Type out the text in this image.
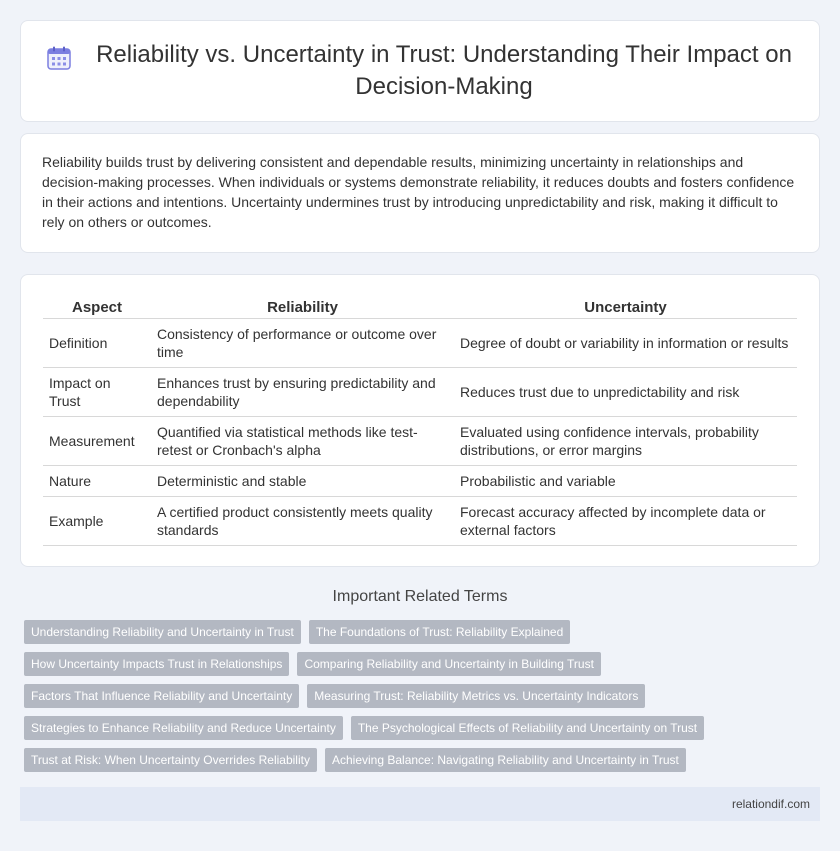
Reliability vs. Uncertainty in Trust: Understanding Their Impact on Decision-Making

Reliability builds trust by delivering consistent and dependable results, minimizing uncertainty in relationships and decision-making processes. When individuals or systems demonstrate reliability, it reduces doubts and fosters confidence in their actions and intentions. Uncertainty undermines trust by introducing unpredictability and risk, making it difficult to rely on others or outcomes.

Aspect	Reliability	Uncertainty
Definition	Consistency of performance or outcome over time	Degree of doubt or variability in information or results
Impact on Trust	Enhances trust by ensuring predictability and dependability	Reduces trust due to unpredictability and risk
Measurement	Quantified via statistical methods like test-retest or Cronbach's alpha	Evaluated using confidence intervals, probability distributions, or error margins
Nature	Deterministic and stable	Probabilistic and variable
Example	A certified product consistently meets quality standards	Forecast accuracy affected by incomplete data or external factors
Important Related Terms
Understanding Reliability and Uncertainty in Trust	The Foundations of Trust: Reliability Explained
How Uncertainty Impacts Trust in Relationships	Comparing Reliability and Uncertainty in Building Trust
Factors That Influence Reliability and Uncertainty	Measuring Trust: Reliability Metrics vs. Uncertainty Indicators
Strategies to Enhance Reliability and Reduce Uncertainty	The Psychological Effects of Reliability and Uncertainty on Trust
Trust at Risk: When Uncertainty Overrides Reliability	Achieving Balance: Navigating Reliability and Uncertainty in Trust
relationdif.com
